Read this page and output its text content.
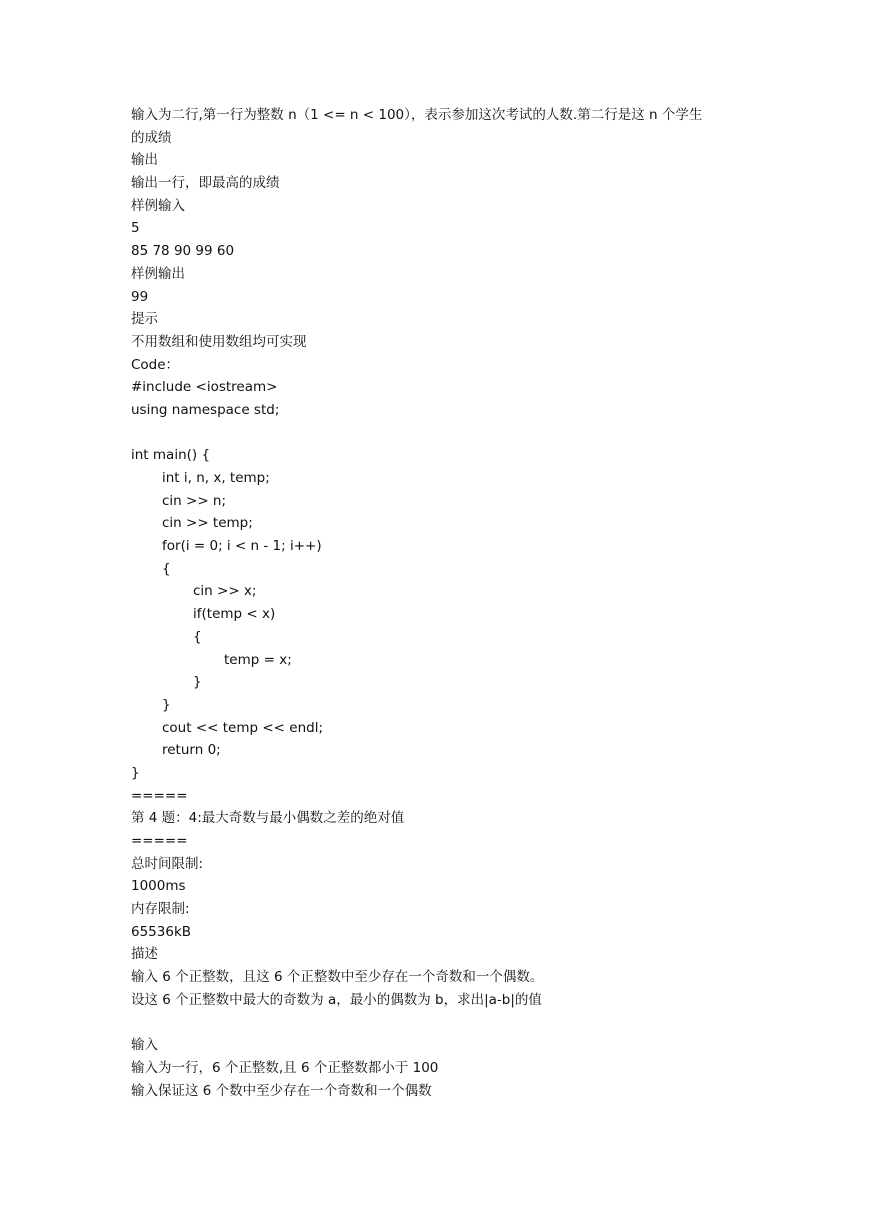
输入为二行,第一行为整数 n（1 <= n < 100），表示参加这次考试的人数.第二行是这 n 个学生
的成绩
输出
输出一行，即最高的成绩
样例输入
5
85 78 90 99 60
样例输出
99
提示
不用数组和使用数组均可实现
Code：
#include <iostream>
using namespace std;
int main() {
int i, n, x, temp;
cin >> n;
cin >> temp;
for(i = 0; i < n - 1; i++)
{
cin >> x;
if(temp < x)
{
temp = x;
}
}
cout << temp << endl;
return 0;
}
=====
第 4 题：4:最大奇数与最小偶数之差的绝对值
=====
总时间限制:
1000ms
内存限制:
65536kB
描述
输入 6 个正整数，且这 6 个正整数中至少存在一个奇数和一个偶数。
设这 6 个正整数中最大的奇数为 a，最小的偶数为 b，求出|a-b|的值
输入
输入为一行，6 个正整数,且 6 个正整数都小于 100
输入保证这 6 个数中至少存在一个奇数和一个偶数
